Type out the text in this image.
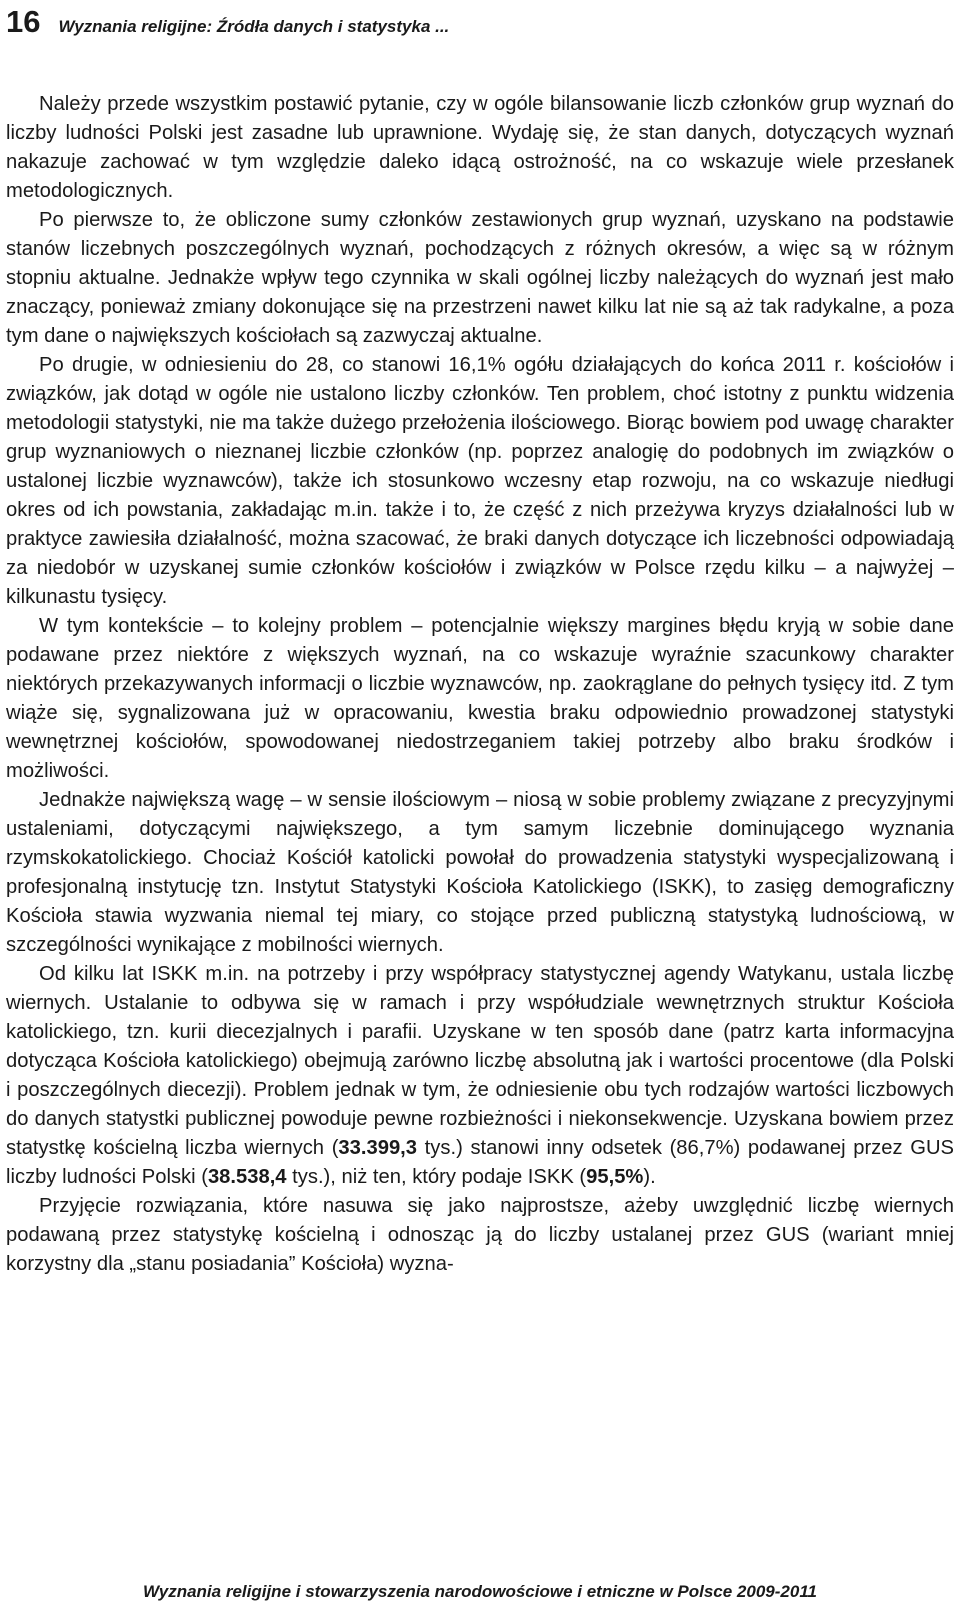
16 Wyznania religijne: Źródła danych i statystyka ...

Należy przede wszystkim postawić pytanie, czy w ogóle bilansowanie liczb członków grup wyznań do liczby ludności Polski jest zasadne lub uprawnione. Wydaję się, że stan danych, dotyczących wyznań nakazuje zachować w tym względzie daleko idącą ostrożność, na co wskazuje wiele przesłanek metodologicznych.

Po pierwsze to, że obliczone sumy członków zestawionych grup wyznań, uzyskano na podstawie stanów liczebnych poszczególnych wyznań, pochodzących z różnych okresów, a więc są w różnym stopniu aktualne. Jednakże wpływ tego czynnika w skali ogólnej liczby należących do wyznań jest mało znaczący, ponieważ zmiany dokonujące się na przestrzeni nawet kilku lat nie są aż tak radykalne, a poza tym dane o największych kościołach są zazwyczaj aktualne.

Po drugie, w odniesieniu do 28, co stanowi 16,1% ogółu działających do końca 2011 r. kościołów i związków, jak dotąd w ogóle nie ustalono liczby członków. Ten problem, choć istotny z punktu widzenia metodologii statystyki, nie ma także dużego przełożenia ilościowego. Biorąc bowiem pod uwagę charakter grup wyznaniowych o nieznanej liczbie członków (np. poprzez analogię do podobnych im związków o ustalonej liczbie wyznawców), także ich stosunkowo wczesny etap rozwoju, na co wskazuje niedługi okres od ich powstania, zakładając m.in. także i to, że część z nich przeżywa kryzys działalności lub w praktyce zawiesiła działalność, można szacować, że braki danych dotyczące ich liczebności odpowiadają za niedobór w uzyskanej sumie członków kościołów i związków w Polsce rzędu kilku – a najwyżej – kilkunastu tysięcy.

W tym kontekście – to kolejny problem – potencjalnie większy margines błędu kryją w sobie dane podawane przez niektóre z większych wyznań, na co wskazuje wyraźnie szacunkowy charakter niektórych przekazywanych informacji o liczbie wyznawców, np. zaokrąglane do pełnych tysięcy itd. Z tym wiąże się, sygnalizowana już w opracowaniu, kwestia braku odpowiednio prowadzonej statystyki wewnętrznej kościołów, spowodowanej niedostrzeganiem takiej potrzeby albo braku środków i możliwości.

Jednakże największą wagę – w sensie ilościowym – niosą w sobie problemy związane z precyzyjnymi ustaleniami, dotyczącymi największego, a tym samym liczebnie dominującego wyznania rzymskokatolickiego. Chociaż Kościół katolicki powołał do prowadzenia statystyki wyspecjalizowaną i profesjonalną instytucję tzn. Instytut Statystyki Kościoła Katolickiego (ISKK), to zasięg demograficzny Kościoła stawia wyzwania niemal tej miary, co stojące przed publiczną statystyką ludnościową, w szczególności wynikające z mobilności wiernych.

Od kilku lat ISKK m.in. na potrzeby i przy współpracy statystycznej agendy Watykanu, ustala liczbę wiernych. Ustalanie to odbywa się w ramach i przy współudziale wewnętrznych struktur Kościoła katolickiego, tzn. kurii diecezjalnych i parafii. Uzyskane w ten sposób dane (patrz karta informacyjna dotycząca Kościoła katolickiego) obejmują zarówno liczbę absolutną jak i wartości procentowe (dla Polski i poszczególnych diecezji). Problem jednak w tym, że odniesienie obu tych rodzajów wartości liczbowych do danych statystki publicznej powoduje pewne rozbieżności i niekonsekwencje. Uzyskana bowiem przez statystkę kościelną liczba wiernych (33.399,3 tys.) stanowi inny odsetek (86,7%) podawanej przez GUS liczby ludności Polski (38.538,4 tys.), niż ten, który podaje ISKK (95,5%).

Przyjęcie rozwiązania, które nasuwa się jako najprostsze, ażeby uwzględnić liczbę wiernych podawaną przez statystykę kościelną i odnosząc ją do liczby ustalanej przez GUS (wariant mniej korzystny dla „stanu posiadania” Kościoła) wyzna-

Wyznania religijne i stowarzyszenia narodowościowe i etniczne w Polsce 2009-2011
